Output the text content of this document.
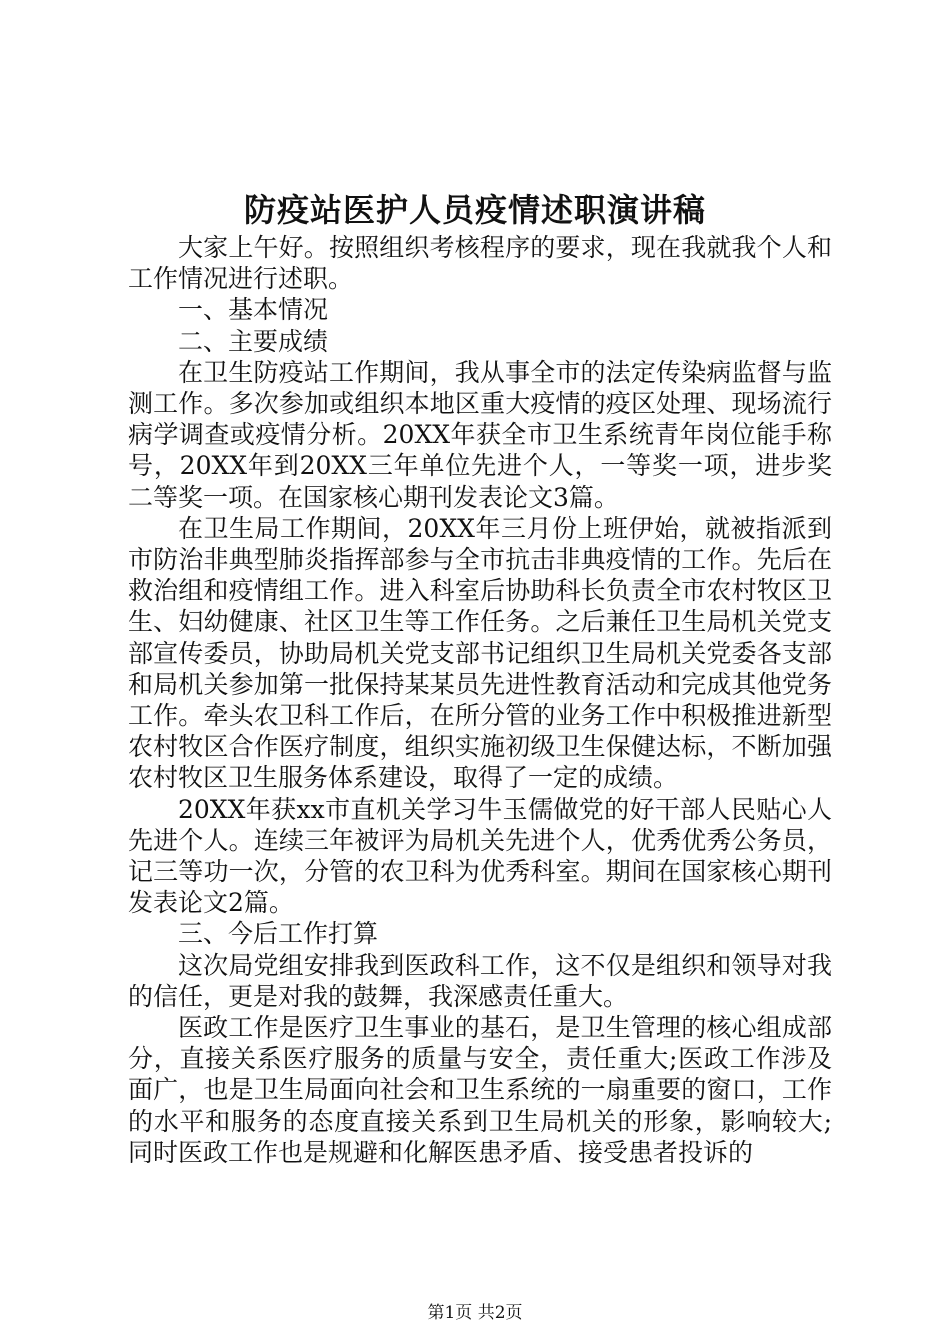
防疫站医护人员疫情述职演讲稿

大家上午好。按照组织考核程序的要求，现在我就我个人和工作情况进行述职。

一、基本情况

二、主要成绩

在卫生防疫站工作期间，我从事全市的法定传染病监督与监测工作。多次参加或组织本地区重大疫情的疫区处理、现场流行病学调查或疫情分析。20XX年获全市卫生系统青年岗位能手称号，20XX年到20XX三年单位先进个人，一等奖一项，进步奖二等奖一项。在国家核心期刊发表论文3篇。

在卫生局工作期间，20XX年三月份上班伊始，就被指派到市防治非典型肺炎指挥部参与全市抗击非典疫情的工作。先后在救治组和疫情组工作。进入科室后协助科长负责全市农村牧区卫生、妇幼健康、社区卫生等工作任务。之后兼任卫生局机关党支部宣传委员，协助局机关党支部书记组织卫生局机关党委各支部和局机关参加第一批保持某某员先进性教育活动和完成其他党务工作。牵头农卫科工作后，在所分管的业务工作中积极推进新型农村牧区合作医疗制度，组织实施初级卫生保健达标，不断加强农村牧区卫生服务体系建设，取得了一定的成绩。

20XX年获xx市直机关学习牛玉儒做党的好干部人民贴心人先进个人。连续三年被评为局机关先进个人，优秀优秀公务员，记三等功一次，分管的农卫科为优秀科室。期间在国家核心期刊发表论文2篇。

三、今后工作打算

这次局党组安排我到医政科工作，这不仅是组织和领导对我的信任，更是对我的鼓舞，我深感责任重大。

医政工作是医疗卫生事业的基石，是卫生管理的核心组成部分，直接关系医疗服务的质量与安全，责任重大;医政工作涉及面广，也是卫生局面向社会和卫生系统的一扇重要的窗口，工作的水平和服务的态度直接关系到卫生局机关的形象，影响较大;同时医政工作也是规避和化解医患矛盾、接受患者投诉的

第1页 共2页
